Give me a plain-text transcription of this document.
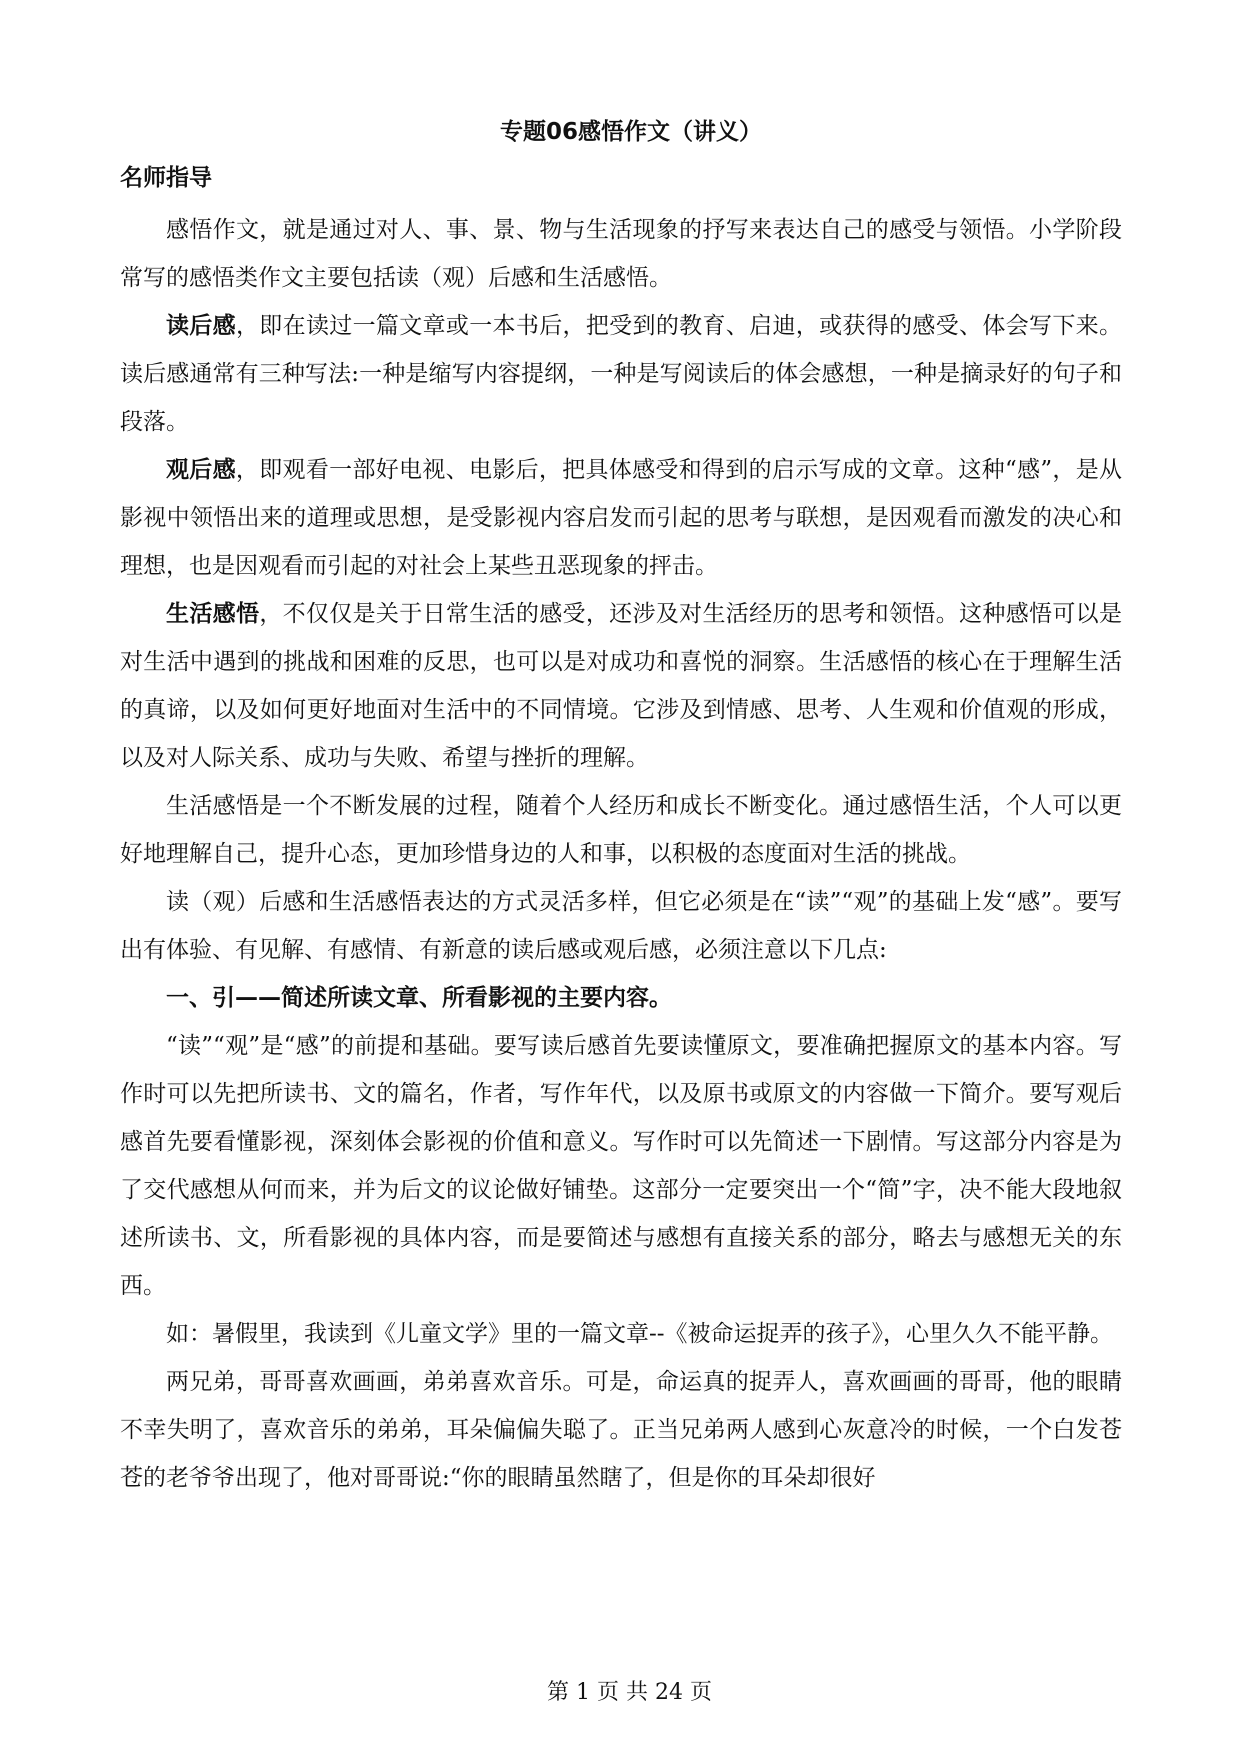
专题06感悟作文（讲义）
名师指导

感悟作文，就是通过对人、事、景、物与生活现象的抒写来表达自己的感受与领悟。小学阶段常写的感悟类作文主要包括读（观）后感和生活感悟。

读后感，即在读过一篇文章或一本书后，把受到的教育、启迪，或获得的感受、体会写下来。读后感通常有三种写法:一种是缩写内容提纲，一种是写阅读后的体会感想，一种是摘录好的句子和段落。

观后感，即观看一部好电视、电影后，把具体感受和得到的启示写成的文章。这种“感”，是从影视中领悟出来的道理或思想，是受影视内容启发而引起的思考与联想，是因观看而激发的决心和理想，也是因观看而引起的对社会上某些丑恶现象的抨击。

生活感悟，不仅仅是关于日常生活的感受，还涉及对生活经历的思考和领悟。这种感悟可以是对生活中遇到的挑战和困难的反思，也可以是对成功和喜悦的洞察。生活感悟的核心在于理解生活的真谛，以及如何更好地面对生活中的不同情境。它涉及到情感、思考、人生观和价值观的形成，以及对人际关系、成功与失败、希望与挫折的理解。

生活感悟是一个不断发展的过程，随着个人经历和成长不断变化。通过感悟生活，个人可以更好地理解自己，提升心态，更加珍惜身边的人和事，以积极的态度面对生活的挑战。

读（观）后感和生活感悟表达的方式灵活多样，但它必须是在“读”“观”的基础上发“感”。要写出有体验、有见解、有感情、有新意的读后感或观后感，必须注意以下几点:

一、引——简述所读文章、所看影视的主要内容。

“读”“观”是“感”的前提和基础。要写读后感首先要读懂原文，要准确把握原文的基本内容。写作时可以先把所读书、文的篇名，作者，写作年代，以及原书或原文的内容做一下简介。要写观后感首先要看懂影视，深刻体会影视的价值和意义。写作时可以先简述一下剧情。写这部分内容是为了交代感想从何而来，并为后文的议论做好铺垫。这部分一定要突出一个“简”字，决不能大段地叙述所读书、文，所看影视的具体内容，而是要简述与感想有直接关系的部分，略去与感想无关的东西。

如：暑假里，我读到《儿童文学》里的一篇文章--《被命运捉弄的孩子》，心里久久不能平静。

两兄弟，哥哥喜欢画画，弟弟喜欢音乐。可是，命运真的捉弄人，喜欢画画的哥哥，他的眼睛不幸失明了，喜欢音乐的弟弟，耳朵偏偏失聪了。正当兄弟两人感到心灰意冷的时候，一个白发苍苍的老爷爷出现了，他对哥哥说:“你的眼睛虽然瞎了，但是你的耳朵却很好

第 1 页 共 24 页
